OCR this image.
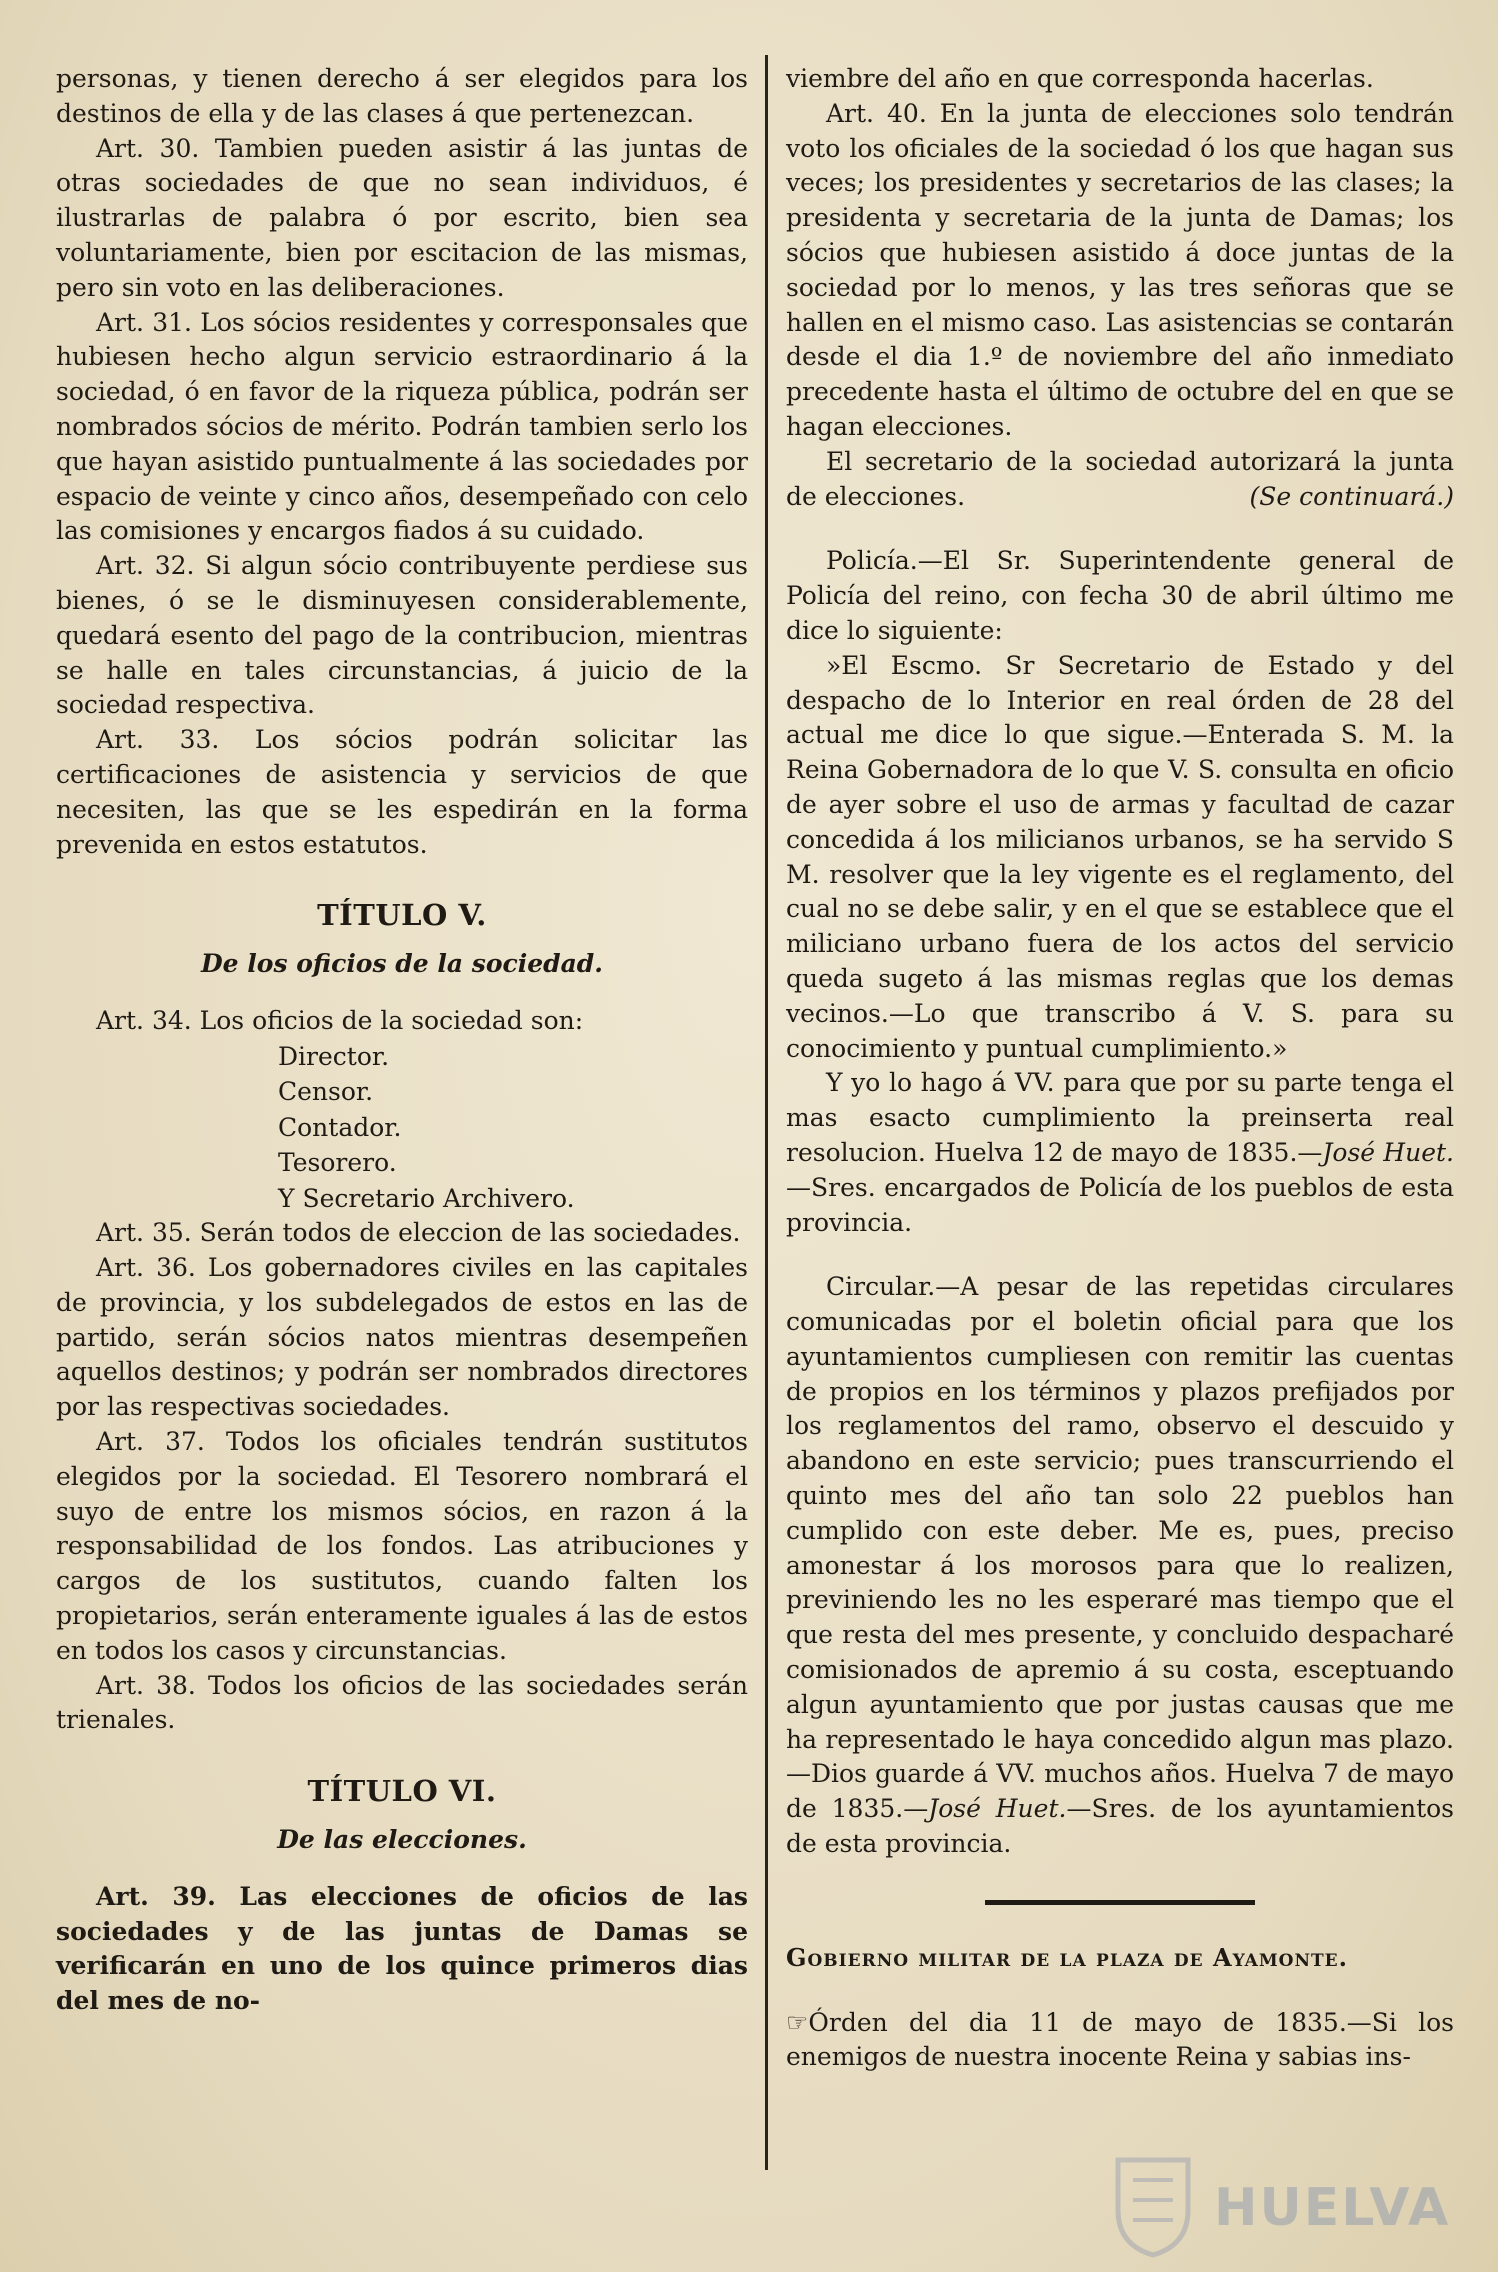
personas, y tienen derecho á ser elegidos para los destinos de ella y de las clases á que pertenezcan.

Art. 30. Tambien pueden asistir á las juntas de otras sociedades de que no sean individuos, é ilustrarlas de palabra ó por escrito, bien sea voluntariamente, bien por escitacion de las mismas, pero sin voto en las deliberaciones.

Art. 31. Los sócios residentes y corresponsales que hubiesen hecho algun servicio estraordinario á la sociedad, ó en favor de la riqueza pública, podrán ser nombrados sócios de mérito. Podrán tambien serlo los que hayan asistido puntualmente á las sociedades por espacio de veinte y cinco años, desempeñado con celo las comisiones y encargos fiados á su cuidado.

Art. 32. Si algun sócio contribuyente perdiese sus bienes, ó se le disminuyesen considerablemente, quedará esento del pago de la contribucion, mientras se halle en tales circunstancias, á juicio de la sociedad respectiva.

Art. 33. Los sócios podrán solicitar las certificaciones de asistencia y servicios de que necesiten, las que se les espedirán en la forma prevenida en estos estatutos.

TÍTULO V.
De los oficios de la sociedad.

Art. 34. Los oficios de la sociedad son:

Director.
Censor.
Contador.
Tesorero.
Y Secretario Archivero.

Art. 35. Serán todos de eleccion de las sociedades.

Art. 36. Los gobernadores civiles en las capitales de provincia, y los subdelegados de estos en las de partido, serán sócios natos mientras desempeñen aquellos destinos; y podrán ser nombrados directores por las respectivas sociedades.

Art. 37. Todos los oficiales tendrán sustitutos elegidos por la sociedad. El Tesorero nombrará el suyo de entre los mismos sócios, en razon á la responsabilidad de los fondos. Las atribuciones y cargos de los sustitutos, cuando falten los propietarios, serán enteramente iguales á las de estos en todos los casos y circunstancias.

Art. 38. Todos los oficios de las sociedades serán trienales.

TÍTULO VI.
De las elecciones.

Art. 39. Las elecciones de oficios de las sociedades y de las juntas de Damas se verificarán en uno de los quince primeros dias del mes de no-

viembre del año en que corresponda hacerlas.

Art. 40. En la junta de elecciones solo tendrán voto los oficiales de la sociedad ó los que hagan sus veces; los presidentes y secretarios de las clases; la presidenta y secretaria de la junta de Damas; los sócios que hubiesen asistido á doce juntas de la sociedad por lo menos, y las tres señoras que se hallen en el mismo caso. Las asistencias se contarán desde el dia 1.º de noviembre del año inmediato precedente hasta el último de octubre del en que se hagan elecciones.

El secretario de la sociedad autorizará la junta de elecciones.	(Se continuará.)

Policía.—El Sr. Superintendente general de Policía del reino, con fecha 30 de abril último me dice lo siguiente:

»El Escmo. Sr Secretario de Estado y del despacho de lo Interior en real órden de 28 del actual me dice lo que sigue.—Enterada S. M. la Reina Gobernadora de lo que V. S. consulta en oficio de ayer sobre el uso de armas y facultad de cazar concedida á los milicianos urbanos, se ha servido S M. resolver que la ley vigente es el reglamento, del cual no se debe salir, y en el que se establece que el miliciano urbano fuera de los actos del servicio queda sugeto á las mismas reglas que los demas vecinos.—Lo que transcribo á V. S. para su conocimiento y puntual cumplimiento.»

Y yo lo hago á VV. para que por su parte tenga el mas esacto cumplimiento la preinserta real resolucion. Huelva 12 de mayo de 1835.—José Huet.—Sres. encargados de Policía de los pueblos de esta provincia.

Circular.—A pesar de las repetidas circulares comunicadas por el boletin oficial para que los ayuntamientos cumpliesen con remitir las cuentas de propios en los términos y plazos prefijados por los reglamentos del ramo, observo el descuido y abandono en este servicio; pues transcurriendo el quinto mes del año tan solo 22 pueblos han cumplido con este deber. Me es, pues, preciso amonestar á los morosos para que lo realizen, previniendo les no les esperaré mas tiempo que el que resta del mes presente, y concluido despacharé comisionados de apremio á su costa, esceptuando algun ayuntamiento que por justas causas que me ha representado le haya concedido algun mas plazo. —Dios guarde á VV. muchos años. Huelva 7 de mayo de 1835.—José Huet.—Sres. de los ayuntamientos de esta provincia.

Gobierno militar de la plaza de Ayamonte.

☞Órden del dia 11 de mayo de 1835.—Si los enemigos de nuestra inocente Reina y sabias ins-

HUELVA
